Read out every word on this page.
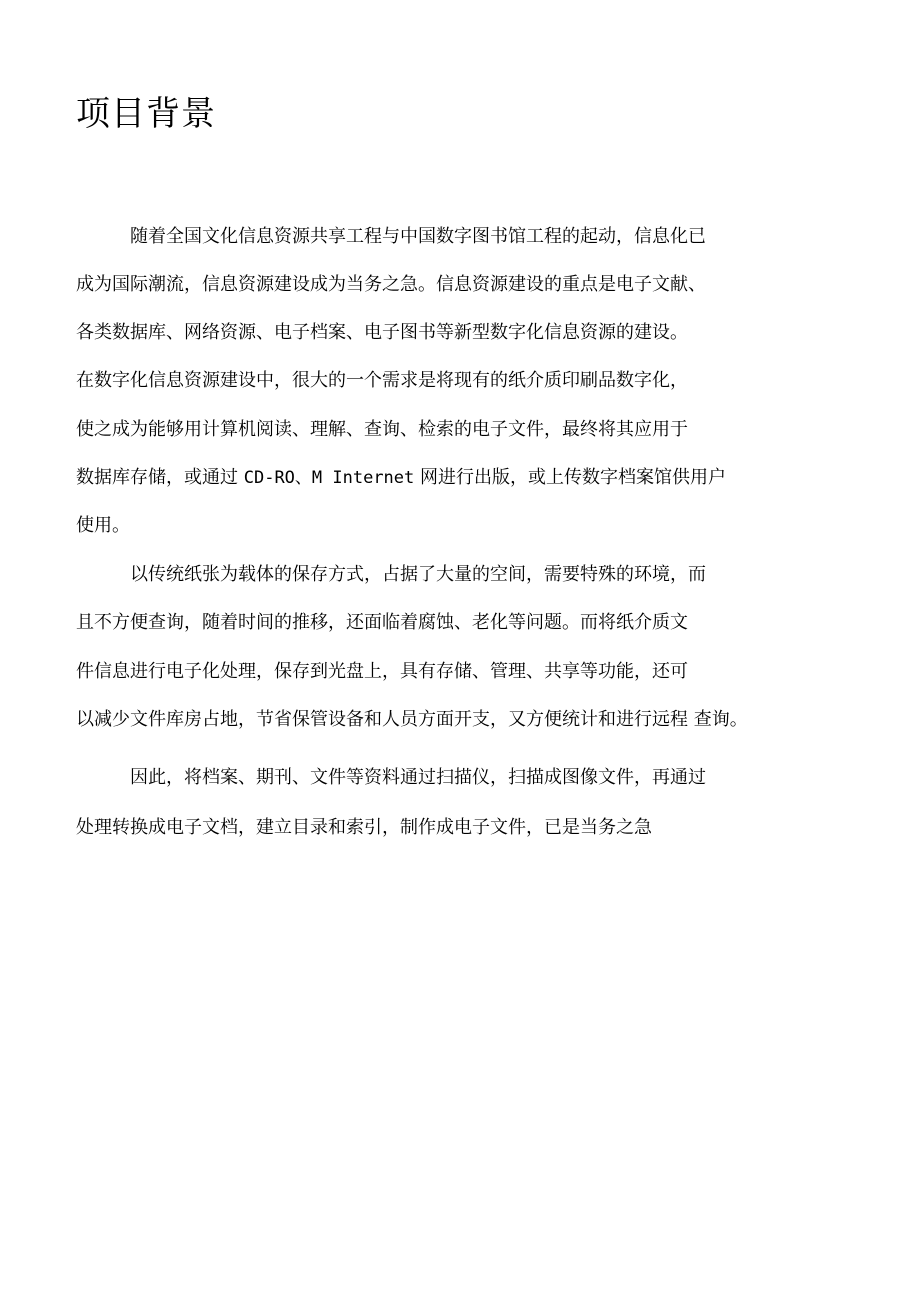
项目背景

随着全国文化信息资源共享工程与中国数字图书馆工程的起动，信息化已

成为国际潮流，信息资源建设成为当务之急。信息资源建设的重点是电子文献、

各类数据库、网络资源、电子档案、电子图书等新型数字化信息资源的建设。

在数字化信息资源建设中，很大的一个需求是将现有的纸介质印刷品数字化，

使之成为能够用计算机阅读、理解、查询、检索的电子文件，最终将其应用于

数据库存储，或通过 CD-RO、M Internet 网进行出版，或上传数字档案馆供用户

使用。

以传统纸张为载体的保存方式，占据了大量的空间，需要特殊的环境，而

且不方便查询，随着时间的推移，还面临着腐蚀、老化等问题。而将纸介质文

件信息进行电子化处理，保存到光盘上，具有存储、管理、共享等功能，还可

以减少文件库房占地，节省保管设备和人员方面开支，又方便统计和进行远程 查询。

因此，将档案、期刊、文件等资料通过扫描仪，扫描成图像文件，再通过

处理转换成电子文档，建立目录和索引，制作成电子文件，已是当务之急
